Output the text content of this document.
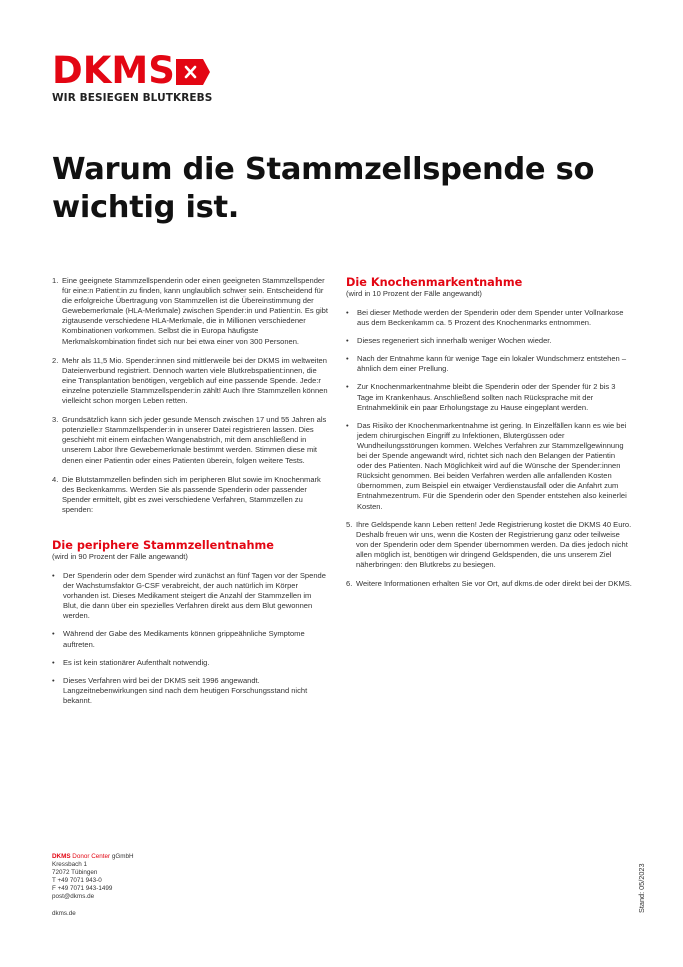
DKMS
WIR BESIEGEN BLUTKREBS
Warum die Stammzellspende so wichtig ist.
1. Eine geeignete Stammzellspenderin oder einen geeigneten Stammzellspender für eine:n Patient:in zu finden, kann unglaublich schwer sein. Entscheidend für die erfolgreiche Übertragung von Stammzellen ist die Übereinstimmung der Gewebemerkmale (HLA-Merkmale) zwischen Spender:in und Patient:in. Es gibt zigtausende verschiedene HLA-Merkmale, die in Millionen verschiedener Kombinationen vorkommen. Selbst die in Europa häufigste Merkmalskombination findet sich nur bei etwa einer von 300 Personen.
2. Mehr als 11,5 Mio. Spender:innen sind mittlerweile bei der DKMS im weltweiten Dateienverbund registriert. Dennoch warten viele Blutkrebspatient:innen, die eine Transplantation benötigen, vergeblich auf eine passende Spende. Jede:r einzelne potenzielle Stammzellspender:in zählt! Auch Ihre Stammzellen können vielleicht schon morgen Leben retten.
3. Grundsätzlich kann sich jeder gesunde Mensch zwischen 17 und 55 Jahren als potenzielle:r Stammzellspender:in in unserer Datei registrieren lassen. Dies geschieht mit einem einfachen Wangenabstrich, mit dem anschließend in unserem Labor Ihre Gewebemerkmale bestimmt werden. Stimmen diese mit denen einer Patientin oder eines Patienten überein, folgen weitere Tests.
4. Die Blutstammzellen befinden sich im peripheren Blut sowie im Knochenmark des Beckenkamms. Werden Sie als passende Spenderin oder passender Spender ermittelt, gibt es zwei verschiedene Verfahren, Stammzellen zu spenden:
Die periphere Stammzellentnahme
(wird in 90 Prozent der Fälle angewandt)
•	Der Spenderin oder dem Spender wird zunächst an fünf Tagen vor der Spende der Wachstumsfaktor G-CSF verabreicht, der auch natürlich im Körper vorhanden ist. Dieses Medikament steigert die Anzahl der Stammzellen im Blut, die dann über ein spezielles Verfahren direkt aus dem Blut gewonnen werden.
•	Während der Gabe des Medikaments können grippeähnliche Symptome auftreten.
•	Es ist kein stationärer Aufenthalt notwendig.
•	Dieses Verfahren wird bei der DKMS seit 1996 angewandt. Langzeitnebenwirkungen sind nach dem heutigen Forschungsstand nicht bekannt.
Die Knochenmarkentnahme
(wird in 10 Prozent der Fälle angewandt)
•	Bei dieser Methode werden der Spenderin oder dem Spender unter Vollnarkose aus dem Beckenkamm ca. 5 Prozent des Knochenmarks entnommen.
•	Dieses regeneriert sich innerhalb weniger Wochen wieder.
•	Nach der Entnahme kann für wenige Tage ein lokaler Wundschmerz entstehen – ähnlich dem einer Prellung.
•	Zur Knochenmarkentnahme bleibt die Spenderin oder der Spender für 2 bis 3 Tage im Krankenhaus. Anschließend sollten nach Rücksprache mit der Entnahmeklinik ein paar Erholungstage zu Hause eingeplant werden.
•	Das Risiko der Knochenmarkentnahme ist gering. In Einzelfällen kann es wie bei jedem chirurgischen Eingriff zu Infektionen, Blutergüssen oder Wundheilungsstörungen kommen. Welches Verfahren zur Stammzellgewinnung bei der Spende angewandt wird, richtet sich nach den Belangen der Patientin oder des Patienten. Nach Möglichkeit wird auf die Wünsche der Spender:innen Rücksicht genommen. Bei beiden Verfahren werden alle anfallenden Kosten übernommen, zum Beispiel ein etwaiger Verdienstausfall oder die Anfahrt zum Entnahmezentrum. Für die Spenderin oder den Spender entstehen also keinerlei Kosten.
5. Ihre Geldspende kann Leben retten! Jede Registrierung kostet die DKMS 40 Euro. Deshalb freuen wir uns, wenn die Kosten der Registrierung ganz oder teilweise von der Spenderin oder dem Spender übernommen werden. Da dies jedoch nicht allen möglich ist, benötigen wir dringend Geldspenden, die uns unserem Ziel näherbringen: den Blutkrebs zu besiegen.
6. Weitere Informationen erhalten Sie vor Ort, auf dkms.de oder direkt bei der DKMS.
DKMS Donor Center gGmbH
Kressbach 1
72072 Tübingen
T +49 7071 943-0
F +49 7071 943-1499
post@dkms.de
dkms.de
Stand: 05/2023
